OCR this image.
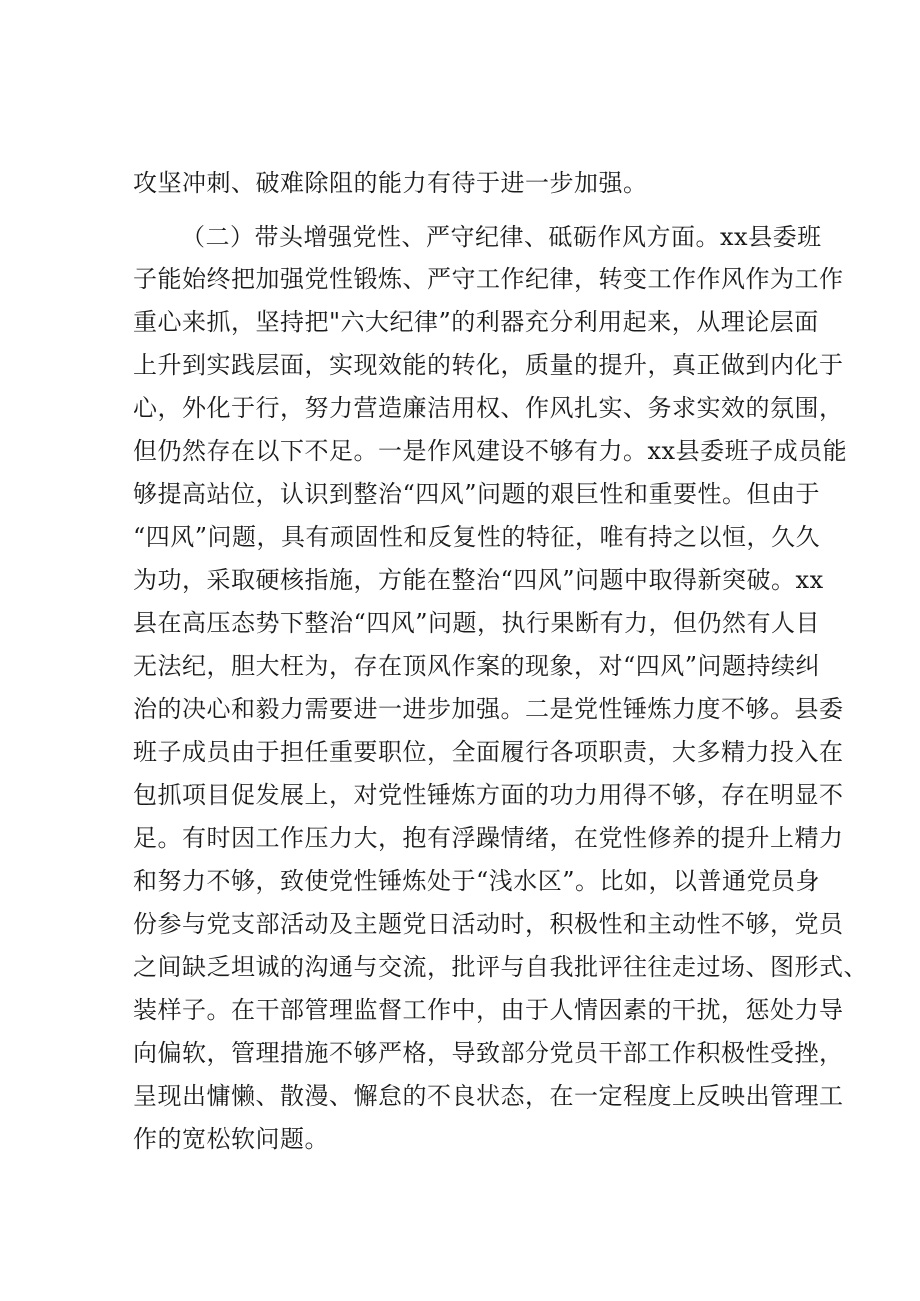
攻坚冲刺、破难除阻的能力有待于进一步加强。
（二）带头增强党性、严守纪律、砥砺作风方面。xx县委班
子能始终把加强党性锻炼、严守工作纪律，转变工作作风作为工作
重心来抓，坚持把"六大纪律”的利器充分利用起来，从理论层面
上升到实践层面，实现效能的转化，质量的提升，真正做到内化于
心，外化于行，努力营造廉洁用权、作风扎实、务求实效的氛围，
但仍然存在以下不足。一是作风建设不够有力。xx县委班子成员能
够提高站位，认识到整治“四风”问题的艰巨性和重要性。但由于
“四风”问题，具有顽固性和反复性的特征，唯有持之以恒，久久
为功，采取硬核指施，方能在整治“四风”问题中取得新突破。xx
县在高压态势下整治“四风”问题，执行果断有力，但仍然有人目
无法纪，胆大枉为，存在顶风作案的现象，对“四风”问题持续纠
治的决心和毅力需要进一进步加强。二是党性锤炼力度不够。县委
班子成员由于担任重要职位，全面履行各项职责，大多精力投入在
包抓项目促发展上，对党性锤炼方面的功力用得不够，存在明显不
足。有时因工作压力大，抱有浮躁情绪，在党性修养的提升上精力
和努力不够，致使党性锤炼处于“浅水区”。比如，以普通党员身
份参与党支部活动及主题党日活动时，积极性和主动性不够，党员
之间缺乏坦诚的沟通与交流，批评与自我批评往往走过场、图形式、
装样子。在干部管理监督工作中，由于人情因素的干扰，惩处力导
向偏软，管理措施不够严格，导致部分党员干部工作积极性受挫，
呈现出慵懒、散漫、懈怠的不良状态，在一定程度上反映出管理工
作的宽松软问题。
